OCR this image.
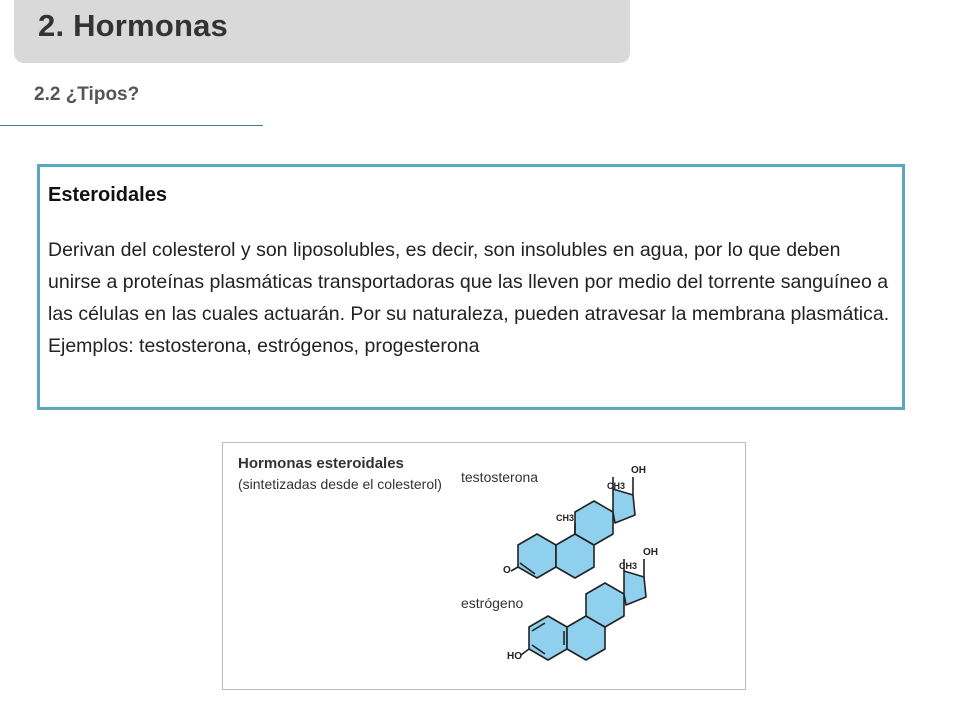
2. Hormonas
2.2 ¿Tipos?
Esteroidales

Derivan del colesterol y son liposolubles, es decir, son insolubles en agua, por lo que deben unirse a proteínas plasmáticas transportadoras que las lleven por medio del torrente sanguíneo a las células en las cuales actuarán. Por su naturaleza, pueden atravesar la membrana plasmática. Ejemplos: testosterona, estrógenos, progesterona

Hormonas esteroidales
(sintetizadas desde el colesterol) testosterona	OH
CH3
CH3
O
estrógeno
OH
CH3
HO
